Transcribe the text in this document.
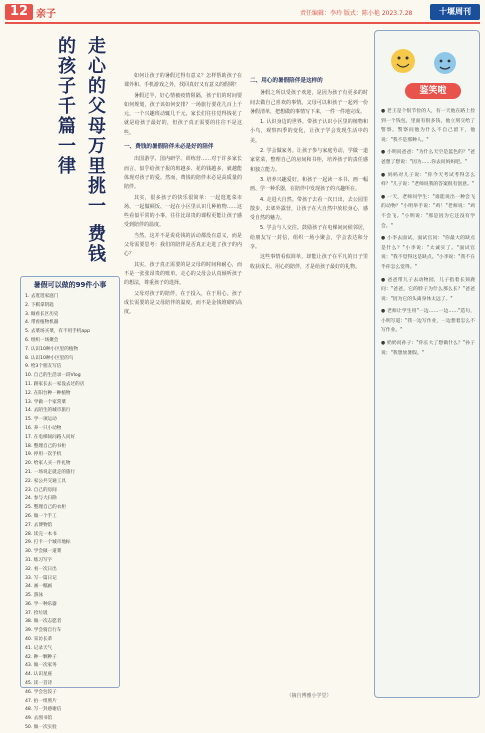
12 亲子	责任编辑：李玲 版式：陈小艳 2023.7.28	十堰周刊
走心的父母万里挑一 费钱的孩子千篇一律
暑假可以做的99件小事
1. 去逛逛家庭门
2. 下棋拿钥匙
3. 做看长区历史
4. 带看植物机器
5. 去菜场买菜，有不用手机app
6. 组织一场聚会
7. 认识10种小区里的植物
8. 认识10种小区里的鸟
9. 给3个朋友写信
10. 自己的生活录一段Vlog
11. 跟家长去一家没去过的店
12. 在阳台种一种植物
13. 学做一个家常菜
14. 去陌生的城市旅行
15. 学一项运动
16. 养一只小动物
17. 在电梯间问路人问好
18. 整理自己的书柜
19. 停用一次手机
20. 给家人买一件礼物
21. 一场说走就走的旅行
22. 家公共交通工具
23. 自己的房间
24. 参与大扫除
25. 整理自己的衣柜
26. 做一个手工
27. 去博物馆
28. 读完一本书
29. 打卡一个城市地标
30. 学会做一道菜
31. 练习写字
32. 看一次日出
33. 写一篇日记
34. 画一幅画
35. 游泳
36. 学一种乐器
37. 捡垃圾
38. 做一次志愿者
39. 学会骑自行车
40. 采访长辈
41. 记录天气
42. 种一颗种子
43. 做一次家务
44. 认识星座
45. 读一首诗
46. 学会包饺子
47. 拍一组照片
48. 写一封感谢信
49. 去图书馆
50. 做一次实验

如何让孩子的暑假过得有意义？怎样帮助孩子在课外和、手机游戏之外，找回真好又有意义的假期？

暑假过半，好心情被疫情阻隔，孩子们的时间要如何规划，孩子该如何安排？一场旅行要花几百上千元，一个兴趣班动辄几千元，家长们往往觉得钱花了就是给孩子最好的，但孩子真正需要的往往不是这些。

一、费钱的暑假陪伴未必是好的陪伴

出国游学、国内研学、训练营……对于许多家长而言，似乎给孩子报的班越多、花的钱越多，就越能体现对孩子的爱。然而，费钱的陪伴未必是高质量的陪伴。

其实，很多孩子的快乐很简单：一起逛逛菜市场、一起做顿饭、一起在小区里认识几种植物……这些看似平常的小事，往往比昂贵的课程更能让孩子感受到陪伴的温度。

当然，这并不是说花钱的活动都没有意义，而是父母需要思考：我们的陪伴是否真正走进了孩子的内心？

其实，孩子真正需要的是父母的时间和耐心，而不是一张张昂贵的账单。走心的父母会认真倾听孩子的想法，尊重孩子的选择。

父母对孩子的陪伴，在于投入，在于用心。孩子成长需要的是父母陪伴的温度，而不是金钱堆砌的高度。

二、用心的暑假陪伴是这样的

暑假之所以受孩子欢迎，是因为孩子有更多的时间去做自己喜欢的事情。父母可以和孩子一起列一份暑假清单，把想做的事情写下来，一件一件地完成。

1. 认识身边的世界。带孩子认识小区里的植物和小鸟，观察四季的变化，让孩子学会发现生活中的美。

2. 学会做家务。让孩子参与家庭劳动，学做一道家常菜，整理自己的房间和书柜，培养孩子的责任感和独立能力。

3. 培养兴趣爱好。和孩子一起读一本书、画一幅画、学一种乐器，在陪伴中发现孩子的兴趣所在。

4. 走进大自然。带孩子去看一次日出，去公园里散步，去郊外露营，让孩子在大自然中放松身心，感受自然的魅力。

5. 学会与人交往。鼓励孩子在电梯间问候邻居，给朋友写一封信，组织一场小聚会，学会表达和分享。

这些事情看似简单，却能让孩子在平凡的日子里收获成长。用心的陪伴，才是给孩子最好的礼物。

（摘自博雅小学堂）
鉴笑啦

● 老王是个很节俭的人，有一天他在路上捡到一个钱包，里面有很多钱，他立刻交给了警察。警察问他为什么不自己留下，他说："我不是那种人。"

● 小明问爸爸："为什么天空是蓝色的？"爸爸想了想说："因为……你去问妈妈吧。"

● 妈妈对儿子说："你今天考试考得怎么样？"儿子说："老师说我的答案很有创意。"

● 一天，老师问学生："谁能说出一种会飞的动物？"小明举手说："鸡！"老师说："鸡不会飞。"小明说："那是因为它还没有学会。"

● 小李去面试，面试官问："你最大的缺点是什么？"小李说："太诚实了。"面试官说："我不觉得这是缺点。"小李说："我不在乎你怎么觉得。"

● 爸爸带儿子去动物园，儿子指着长颈鹿问："爸爸，它的脖子为什么那么长？"爸爸说："因为它的头离身体太远了。"

● 老师让学生用"一边……一边……"造句，小明写道："我一边写作业，一边想着怎么不写作业。"

● 奶奶问孙子："你长大了想做什么？"孙子说："我想放暑假。"
